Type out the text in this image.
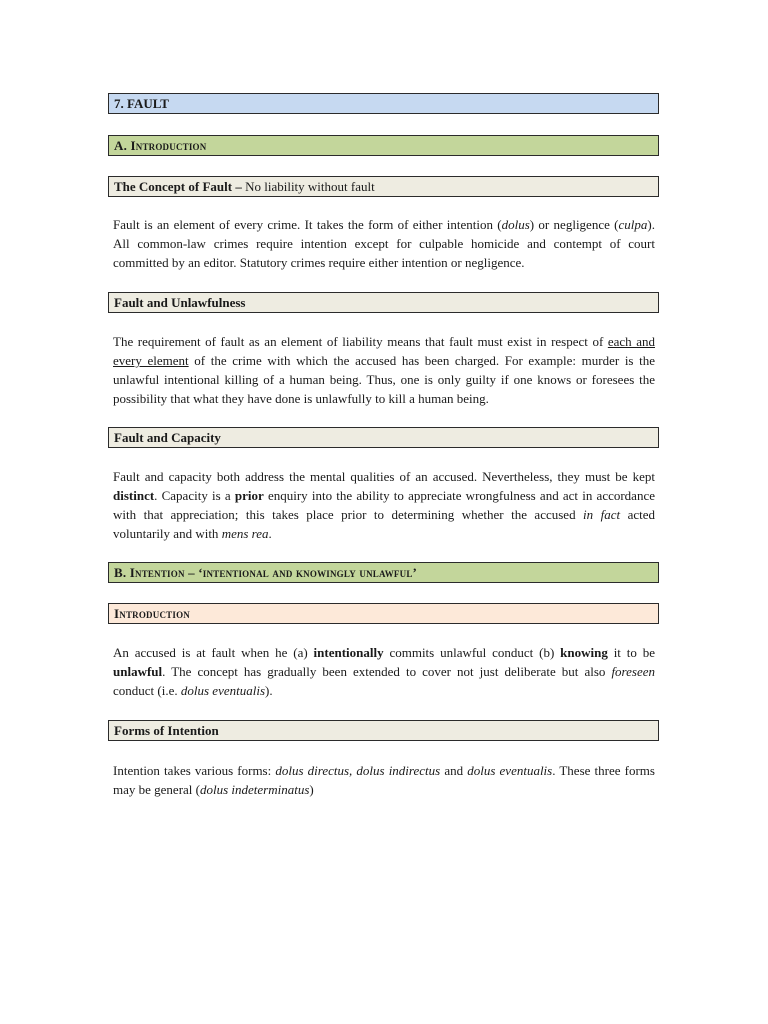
7. FAULT
A. Introduction
The Concept of Fault – No liability without fault
Fault is an element of every crime. It takes the form of either intention (dolus) or negligence (culpa). All common-law crimes require intention except for culpable homicide and contempt of court committed by an editor. Statutory crimes require either intention or negligence.
Fault and Unlawfulness
The requirement of fault as an element of liability means that fault must exist in respect of each and every element of the crime with which the accused has been charged. For example: murder is the unlawful intentional killing of a human being. Thus, one is only guilty if one knows or foresees the possibility that what they have done is unlawfully to kill a human being.
Fault and Capacity
Fault and capacity both address the mental qualities of an accused. Nevertheless, they must be kept distinct. Capacity is a prior enquiry into the ability to appreciate wrongfulness and act in accordance with that appreciation; this takes place prior to determining whether the accused in fact acted voluntarily and with mens rea.
B. Intention – ‘intentional and knowingly unlawful’
Introduction
An accused is at fault when he (a) intentionally commits unlawful conduct (b) knowing it to be unlawful. The concept has gradually been extended to cover not just deliberate but also foreseen conduct (i.e. dolus eventualis).
Forms of Intention
Intention takes various forms: dolus directus, dolus indirectus and dolus eventualis. These three forms may be general (dolus indeterminatus)
